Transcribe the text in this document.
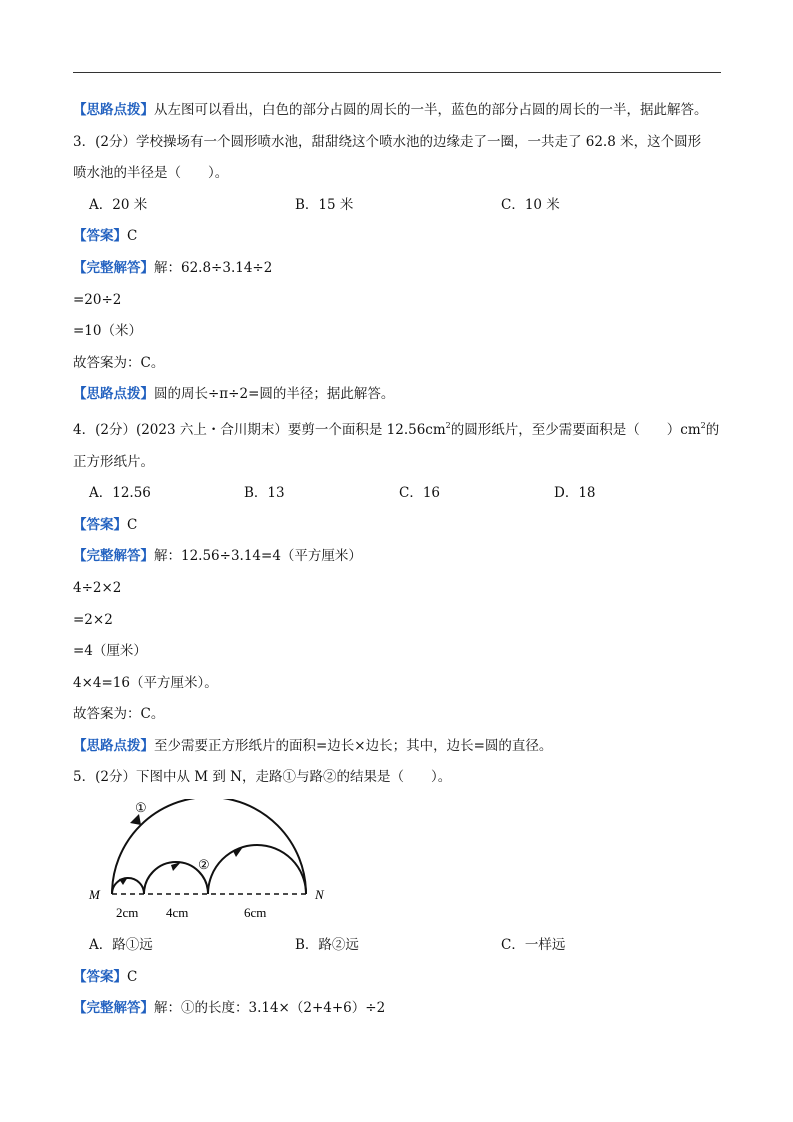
【思路点拨】从左图可以看出，白色的部分占圆的周长的一半，蓝色的部分占圆的周长的一半，据此解答。
3．(2分）学校操场有一个圆形喷水池，甜甜绕这个喷水池的边缘走了一圈，一共走了 62.8 米，这个圆形
喷水池的半径是（　　）。
A．20 米	B．15 米	C．10 米
【答案】C
【完整解答】解：62.8÷3.14÷2
=20÷2
=10（米）
故答案为：C。
【思路点拨】圆的周长÷π÷2=圆的半径；据此解答。
4．(2分）(2023 六上・合川期末）要剪一个面积是 $12.56cm^2$的圆形纸片，至少需要面积是（　　）$cm^2$的
正方形纸片。
A．12.56	B．13	C．16	D．18
【答案】C
【完整解答】解：12.56÷3.14=4（平方厘米）
4÷2×2
=2×2
=4（厘米）
4×4=16（平方厘米）。
故答案为：C。
【思路点拨】至少需要正方形纸片的面积=边长×边长；其中，边长=圆的直径。
5．(2分）下图中从 M 到 N，走路①与路②的结果是（　　）。
①
②
M	N
2cm 4cm	6cm
A．路①远	B．路②远	C．一样远
【答案】C
【完整解答】解：①的长度：3.14×（2+4+6）÷2
